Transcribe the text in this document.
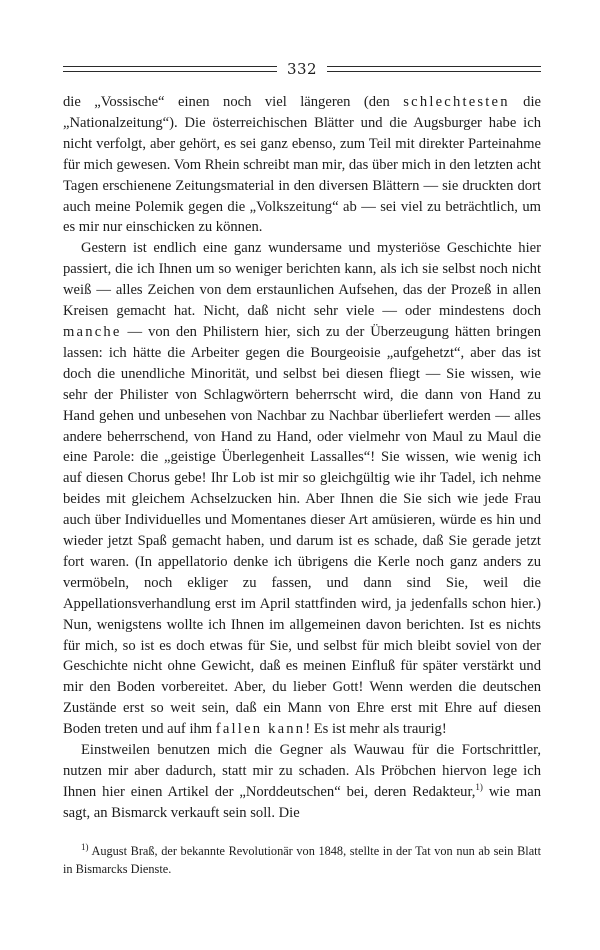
332

die „Vossische“ einen noch viel längeren (den schlechtesten die „Nationalzeitung“). Die österreichischen Blätter und die Augsburger habe ich nicht verfolgt, aber gehört, es sei ganz ebenso, zum Teil mit direkter Parteinahme für mich gewesen. Vom Rhein schreibt man mir, das über mich in den letzten acht Tagen erschienene Zeitungsmaterial in den diversen Blättern — sie druckten dort auch meine Polemik gegen die „Volkszeitung“ ab — sei viel zu beträchtlich, um es mir nur einschicken zu können.

Gestern ist endlich eine ganz wundersame und mysteriöse Geschichte hier passiert, die ich Ihnen um so weniger berichten kann, als ich sie selbst noch nicht weiß — alles Zeichen von dem erstaunlichen Aufsehen, das der Prozeß in allen Kreisen gemacht hat. Nicht, daß nicht sehr viele — oder mindestens doch manche — von den Philistern hier, sich zu der Überzeugung hätten bringen lassen: ich hätte die Arbeiter gegen die Bourgeoisie „aufgehetzt“, aber das ist doch die unendliche Minorität, und selbst bei diesen fliegt — Sie wissen, wie sehr der Philister von Schlagwörtern beherrscht wird, die dann von Hand zu Hand gehen und unbesehen von Nachbar zu Nachbar überliefert werden — alles andere beherrschend, von Hand zu Hand, oder vielmehr von Maul zu Maul die eine Parole: die „geistige Überlegenheit Lassalles“! Sie wissen, wie wenig ich auf diesen Chorus gebe! Ihr Lob ist mir so gleichgültig wie ihr Tadel, ich nehme beides mit gleichem Achselzucken hin. Aber Ihnen die Sie sich wie jede Frau auch über Individuelles und Momentanes dieser Art amüsieren, würde es hin und wieder jetzt Spaß gemacht haben, und darum ist es schade, daß Sie gerade jetzt fort waren. (In appellatorio denke ich übrigens die Kerle noch ganz anders zu vermöbeln, noch ekliger zu fassen, und dann sind Sie, weil die Appellationsverhandlung erst im April stattfinden wird, ja jedenfalls schon hier.) Nun, wenigstens wollte ich Ihnen im allgemeinen davon berichten. Ist es nichts für mich, so ist es doch etwas für Sie, und selbst für mich bleibt soviel von der Geschichte nicht ohne Gewicht, daß es meinen Einfluß für später verstärkt und mir den Boden vorbereitet. Aber, du lieber Gott! Wenn werden die deutschen Zustände erst so weit sein, daß ein Mann von Ehre erst mit Ehre auf diesen Boden treten und auf ihm fallen kann! Es ist mehr als traurig!

Einstweilen benutzen mich die Gegner als Wauwau für die Fortschrittler, nutzen mir aber dadurch, statt mir zu schaden. Als Pröbchen hiervon lege ich Ihnen hier einen Artikel der „Norddeutschen“ bei, deren Redakteur,$^{1)}$ wie man sagt, an Bismarck verkauft sein soll. Die

$^{1)}$ August Braß, der bekannte Revolutionär von 1848, stellte in der Tat von nun ab sein Blatt in Bismarcks Dienste.
